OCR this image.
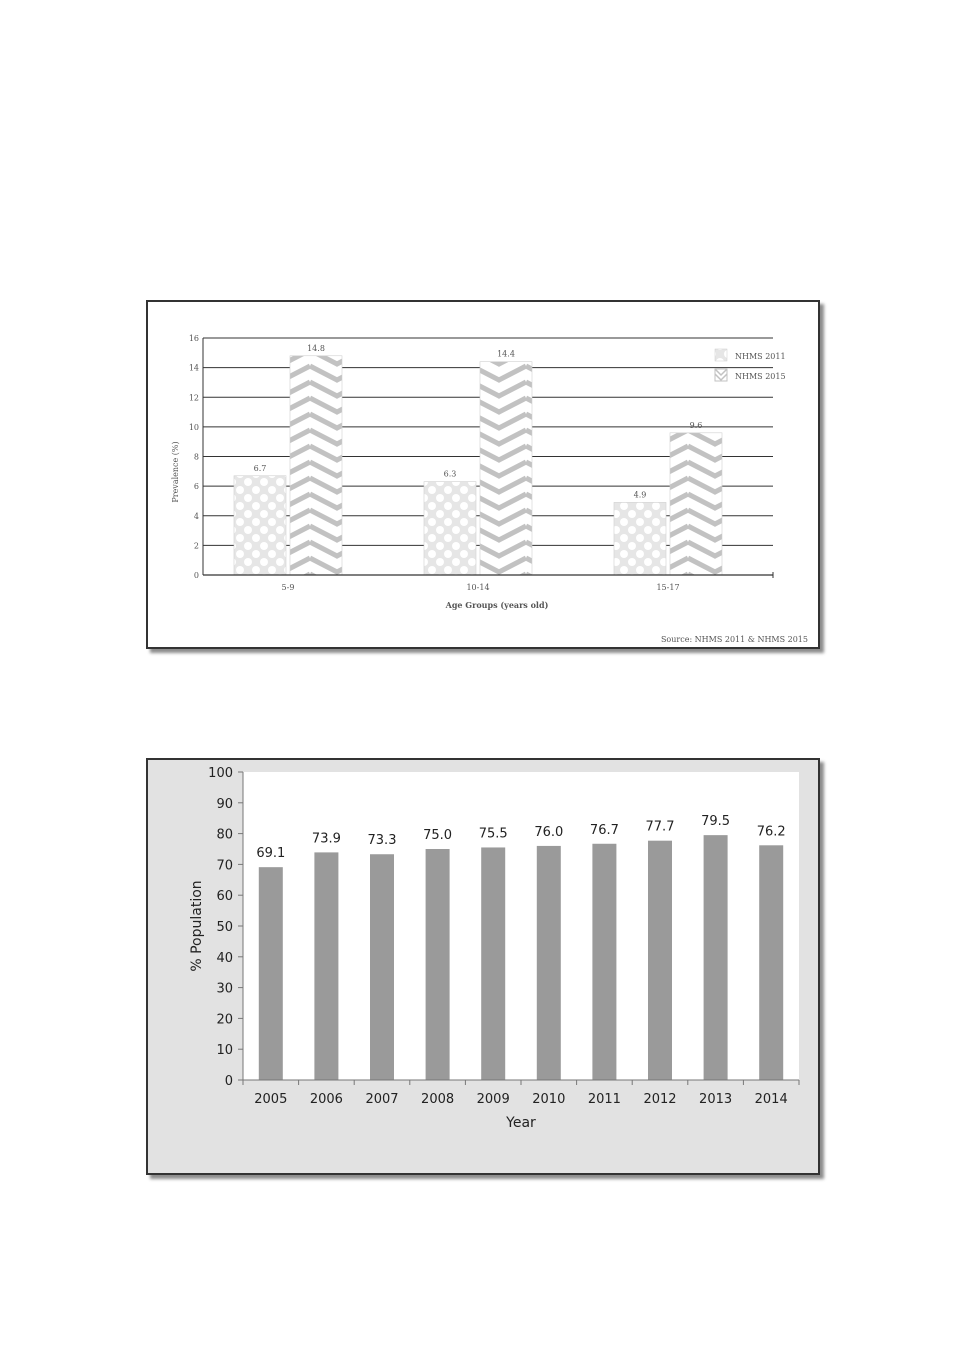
6.7
14.8
6.3
14.4
4.9
9.6
0
2
4
6
8
10
12
14
16
5-9	10-14	15-17
Prevalence (%)
Age Groups (years old)
NHMS 2011
NHMS 2015
Source: NHMS 2011 & NHMS 2015
69.1
73.9 73.3 75.0 75.5 76.0 76.7 77.7 79.5
76.2
0
10
20
30
40
50
60
70
80
90
100
2005 2006 2007 2008 2009 2010 2011 2012 2013 2014
% Population
Year
